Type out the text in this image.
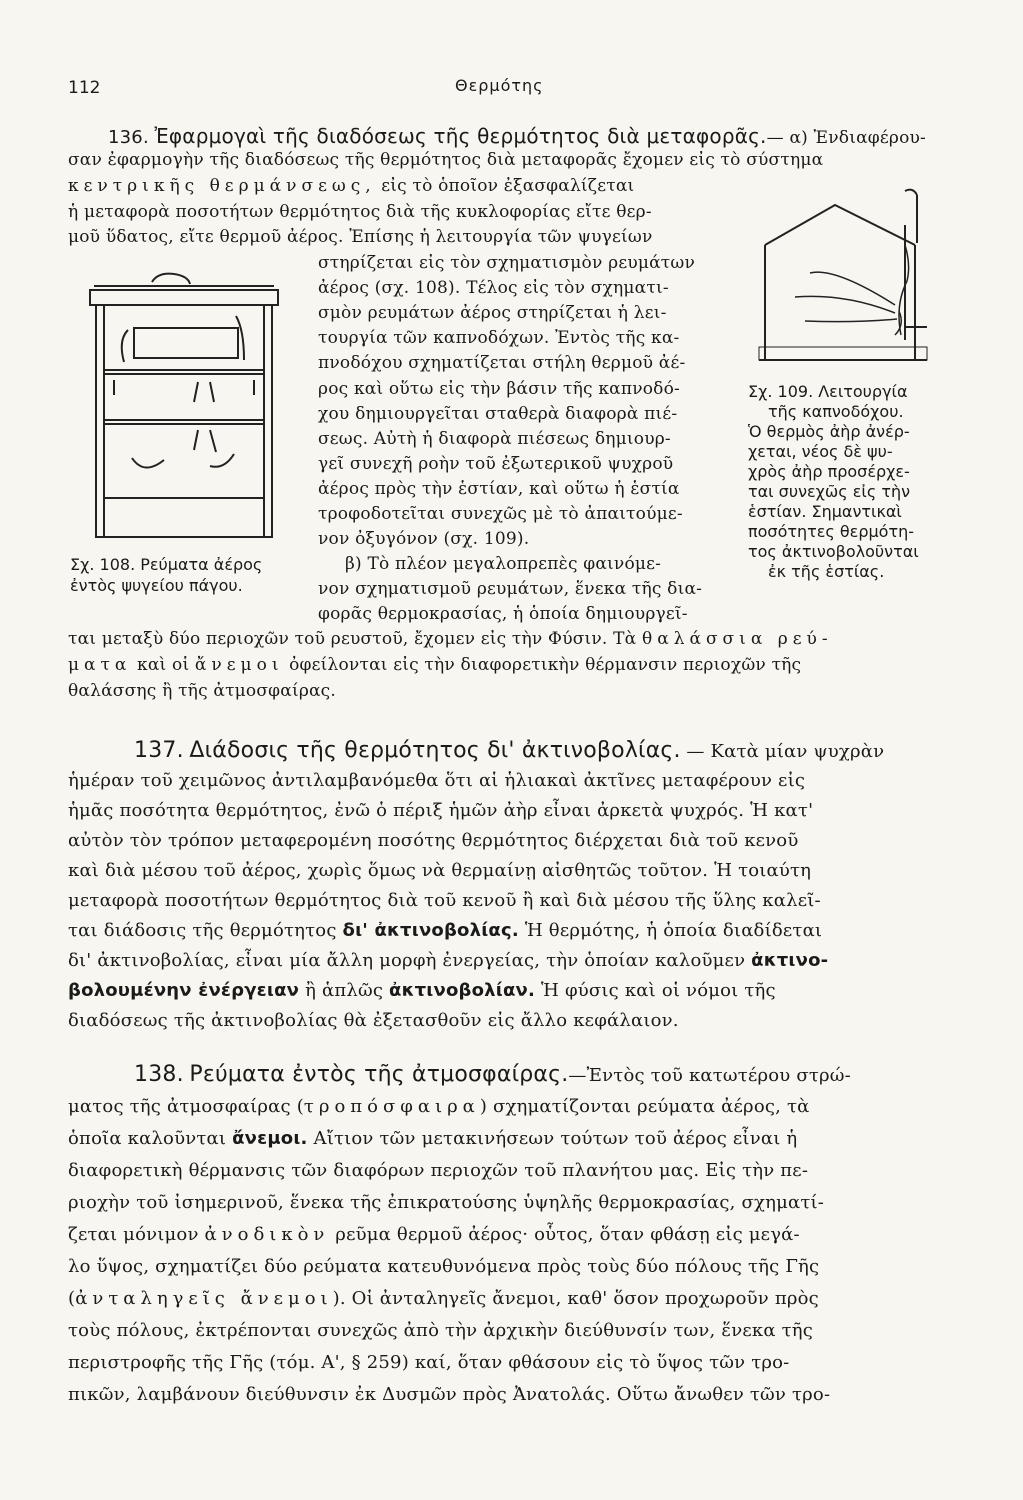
112	Θερμότης
136. Ἐφαρμογαὶ τῆς διαδόσεως τῆς θερμότητος διὰ μεταφορᾶς.— α) Ἐνδιαφέρου-
σαν ἐφαρμογὴν τῆς διαδόσεως τῆς θερμότητος διὰ μεταφορᾶς ἔχομεν εἰς τὸ σύστημα
κεντρικῆς θερμάνσεως, εἰς τὸ ὁποῖον ἐξασφαλίζεται
ἡ μεταφορὰ ποσοτήτων θερμότητος διὰ τῆς κυκλοφορίας εἴτε θερ-
μοῦ ὕδατος, εἴτε θερμοῦ ἀέρος. Ἐπίσης ἡ λειτουργία τῶν ψυγείων
στηρίζεται εἰς τὸν σχηματισμὸν ρευμάτων
ἀέρος (σχ. 108). Τέλος εἰς τὸν σχηματι-
σμὸν ρευμάτων ἀέρος στηρίζεται ἡ λει-
τουργία τῶν καπνοδόχων. Ἐντὸς τῆς κα-
πνοδόχου σχηματίζεται στήλη θερμοῦ ἀέ-
ρος καὶ οὕτω εἰς τὴν βάσιν τῆς καπνοδό-
χου δημιουργεῖται σταθερὰ διαφορὰ πιέ-
σεως. Αὐτὴ ἡ διαφορὰ πιέσεως δημιουρ-
γεῖ συνεχῆ ροὴν τοῦ ἐξωτερικοῦ ψυχροῦ
ἀέρος πρὸς τὴν ἑστίαν, καὶ οὕτω ἡ ἑστία
τροφοδοτεῖται συνεχῶς μὲ τὸ ἀπαιτούμε-
νον ὀξυγόνον (σχ. 109).
β) Τὸ πλέον μεγαλοπρεπὲς φαινόμε-
νον σχηματισμοῦ ρευμάτων, ἕνεκα τῆς δια-
φορᾶς θερμοκρασίας, ἡ ὁποία δημιουργεῖ-
ται μεταξὺ δύο περιοχῶν τοῦ ρευστοῦ, ἔχομεν εἰς τὴν Φύσιν. Τὰ θαλάσσια ρεύ-
ματα καὶ οἱ ἄνεμοι ὀφείλονται εἰς τὴν διαφορετικὴν θέρμανσιν περιοχῶν τῆς
θαλάσσης ἢ τῆς ἀτμοσφαίρας.
Σχ. 108. Ρεύματα ἀέρος
ἐντὸς ψυγείου πάγου.
Σχ. 109. Λειτουργία
τῆς καπνοδόχου.
Ὁ θερμὸς ἀὴρ ἀνέρ-
χεται, νέος δὲ ψυ-
χρὸς ἀὴρ προσέρχε-
ται συνεχῶς εἰς τὴν
ἑστίαν. Σημαντικαὶ
ποσότητες θερμότη-
τος ἀκτινοβολοῦνται
ἐκ τῆς ἑστίας.
137. Διάδοσις τῆς θερμότητος δι' ἀκτινοβολίας. — Κατὰ μίαν ψυχρὰν
ἡμέραν τοῦ χειμῶνος ἀντιλαμβανόμεθα ὅτι αἱ ἡλιακαὶ ἀκτῖνες μεταφέρουν εἰς
ἡμᾶς ποσότητα θερμότητος, ἐνῶ ὁ πέριξ ἡμῶν ἀὴρ εἶναι ἀρκετὰ ψυχρός. Ἡ κατ'
αὐτὸν τὸν τρόπον μεταφερομένη ποσότης θερμότητος διέρχεται διὰ τοῦ κενοῦ
καὶ διὰ μέσου τοῦ ἀέρος, χωρὶς ὅμως νὰ θερμαίνῃ αἰσθητῶς τοῦτον. Ἡ τοιαύτη
μεταφορὰ ποσοτήτων θερμότητος διὰ τοῦ κενοῦ ἢ καὶ διὰ μέσου τῆς ὕλης καλεῖ-
ται διάδοσις τῆς θερμότητος δι' ἀκτινοβολίας. Ἡ θερμότης, ἡ ὁποία διαδίδεται
δι' ἀκτινοβολίας, εἶναι μία ἄλλη μορφὴ ἐνεργείας, τὴν ὁποίαν καλοῦμεν ἀκτινο-
βολουμένην ἐνέργειαν ἢ ἁπλῶς ἀκτινοβολίαν. Ἡ φύσις καὶ οἱ νόμοι τῆς
διαδόσεως τῆς ἀκτινοβολίας θὰ ἐξετασθοῦν εἰς ἄλλο κεφάλαιον.
138. Ρεύματα ἐντὸς τῆς ἀτμοσφαίρας.—Ἐντὸς τοῦ κατωτέρου στρώ-
ματος τῆς ἀτμοσφαίρας (τροπόσφαιρα) σχηματίζονται ρεύματα ἀέρος, τὰ
ὁποῖα καλοῦνται ἄνεμοι. Αἴτιον τῶν μετακινήσεων τούτων τοῦ ἀέρος εἶναι ἡ
διαφορετικὴ θέρμανσις τῶν διαφόρων περιοχῶν τοῦ πλανήτου μας. Εἰς τὴν πε-
ριοχὴν τοῦ ἰσημερινοῦ, ἕνεκα τῆς ἐπικρατούσης ὑψηλῆς θερμοκρασίας, σχηματί-
ζεται μόνιμον ἀνοδικὸν ρεῦμα θερμοῦ ἀέρος· οὗτος, ὅταν φθάσῃ εἰς μεγά-
λο ὕψος, σχηματίζει δύο ρεύματα κατευθυνόμενα πρὸς τοὺς δύο πόλους τῆς Γῆς
(ἀνταληγεῖς ἄνεμοι). Οἱ ἀνταληγεῖς ἄνεμοι, καθ' ὅσον προχωροῦν πρὸς
τοὺς πόλους, ἐκτρέπονται συνεχῶς ἀπὸ τὴν ἀρχικὴν διεύθυνσίν των, ἕνεκα τῆς
περιστροφῆς τῆς Γῆς (τόμ. Α', § 259) καί, ὅταν φθάσουν εἰς τὸ ὕψος τῶν τρο-
πικῶν, λαμβάνουν διεύθυνσιν ἐκ Δυσμῶν πρὸς Ἀνατολάς. Οὕτω ἄνωθεν τῶν τρο-
